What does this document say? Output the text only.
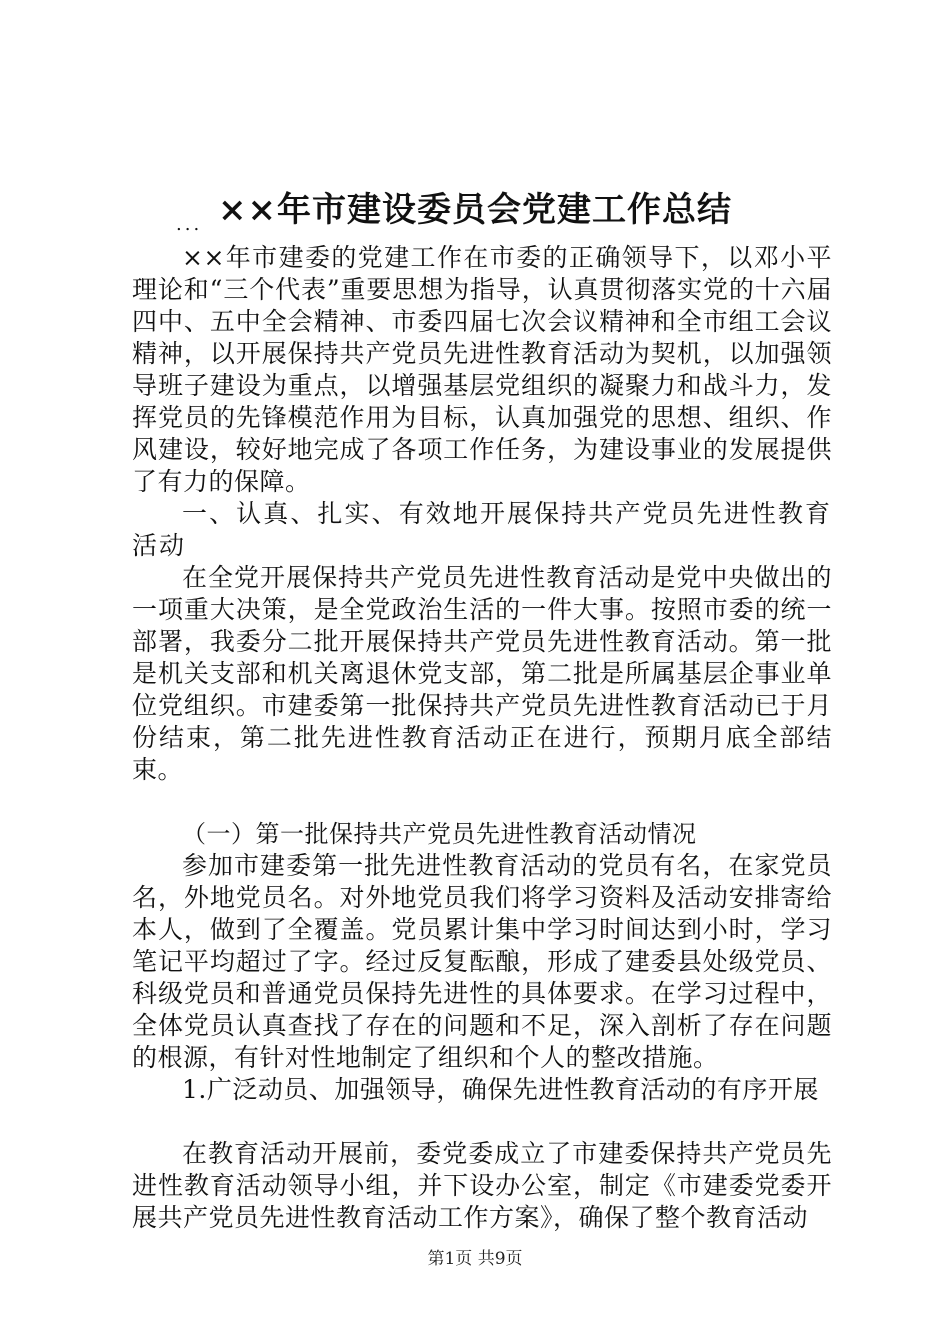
××年市建设委员会党建工作总结
...

××年市建委的党建工作在市委的正确领导下，以邓小平理论和“三个代表”重要思想为指导，认真贯彻落实党的十六届四中、五中全会精神、市委四届七次会议精神和全市组工会议精神，以开展保持共产党员先进性教育活动为契机，以加强领导班子建设为重点，以增强基层党组织的凝聚力和战斗力，发挥党员的先锋模范作用为目标，认真加强党的思想、组织、作风建设，较好地完成了各项工作任务，为建设事业的发展提供了有力的保障。

一、认真、扎实、有效地开展保持共产党员先进性教育活动

在全党开展保持共产党员先进性教育活动是党中央做出的一项重大决策，是全党政治生活的一件大事。按照市委的统一部署，我委分二批开展保持共产党员先进性教育活动。第一批是机关支部和机关离退休党支部，第二批是所属基层企事业单位党组织。市建委第一批保持共产党员先进性教育活动已于月份结束，第二批先进性教育活动正在进行，预期月底全部结束。

（一）第一批保持共产党员先进性教育活动情况

参加市建委第一批先进性教育活动的党员有名，在家党员名，外地党员名。对外地党员我们将学习资料及活动安排寄给本人，做到了全覆盖。党员累计集中学习时间达到小时，学习笔记平均超过了字。经过反复酝酿，形成了建委县处级党员、科级党员和普通党员保持先进性的具体要求。在学习过程中，全体党员认真查找了存在的问题和不足，深入剖析了存在问题的根源，有针对性地制定了组织和个人的整改措施。

1.广泛动员、加强领导，确保先进性教育活动的有序开展

在教育活动开展前，委党委成立了市建委保持共产党员先进性教育活动领导小组，并下设办公室，制定《市建委党委开展共产党员先进性教育活动工作方案》，确保了整个教育活动

第1页 共9页
